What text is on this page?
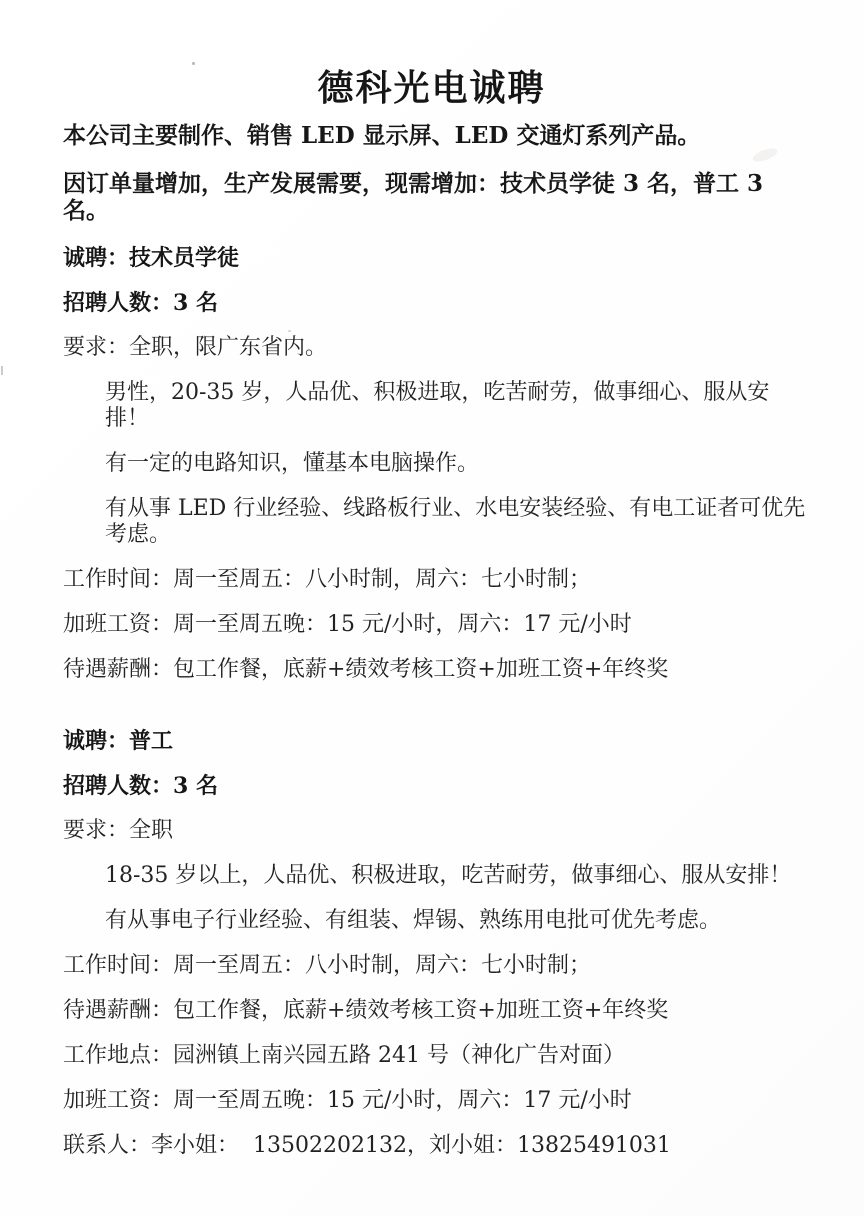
德科光电诚聘

本公司主要制作、销售 LED 显示屏、LED 交通灯系列产品。

因订单量增加，生产发展需要，现需增加：技术员学徒 3 名，普工 3 名。

诚聘：技术员学徒

招聘人数：3 名

要求：全职，限广东省内。

男性，20-35 岁，人品优、积极进取，吃苦耐劳，做事细心、服从安排！

有一定的电路知识，懂基本电脑操作。

有从事 LED 行业经验、线路板行业、水电安装经验、有电工证者可优先考虑。

工作时间：周一至周五：八小时制，周六：七小时制；

加班工资：周一至周五晚：15 元/小时，周六：17 元/小时

待遇薪酬：包工作餐，底薪+绩效考核工资+加班工资+年终奖

诚聘：普工

招聘人数：3 名

要求：全职

18-35 岁以上，人品优、积极进取，吃苦耐劳，做事细心、服从安排！

有从事电子行业经验、有组装、焊锡、熟练用电批可优先考虑。

工作时间：周一至周五：八小时制，周六：七小时制；

待遇薪酬：包工作餐，底薪+绩效考核工资+加班工资+年终奖

工作地点：园洲镇上南兴园五路 241 号（神化广告对面）

加班工资：周一至周五晚：15 元/小时，周六：17 元/小时

联系人：李小姐：  13502202132，刘小姐：13825491031
